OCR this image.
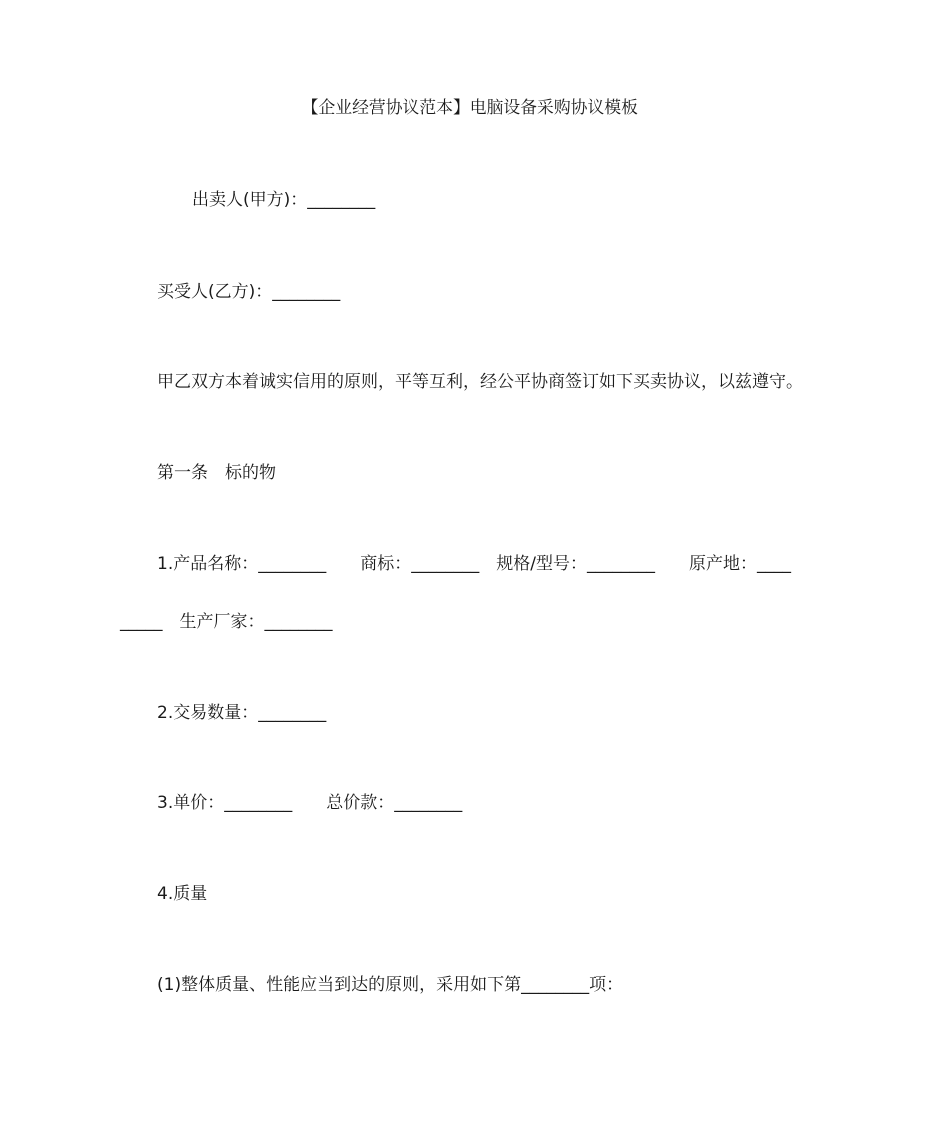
【企业经营协议范本】电脑设备采购协议模板
出卖人(甲方)：________
买受人(乙方)：________
甲乙双方本着诚实信用的原则，平等互利，经公平协商签订如下买卖协议，以兹遵守。
第一条　标的物
1.产品名称：________　　商标：________　规格/型号：________　　原产地：____
_____　生产厂家：________
2.交易数量：________
3.单价：________　　总价款：________
4.质量
(1)整体质量、性能应当到达的原则，采用如下第________项：
